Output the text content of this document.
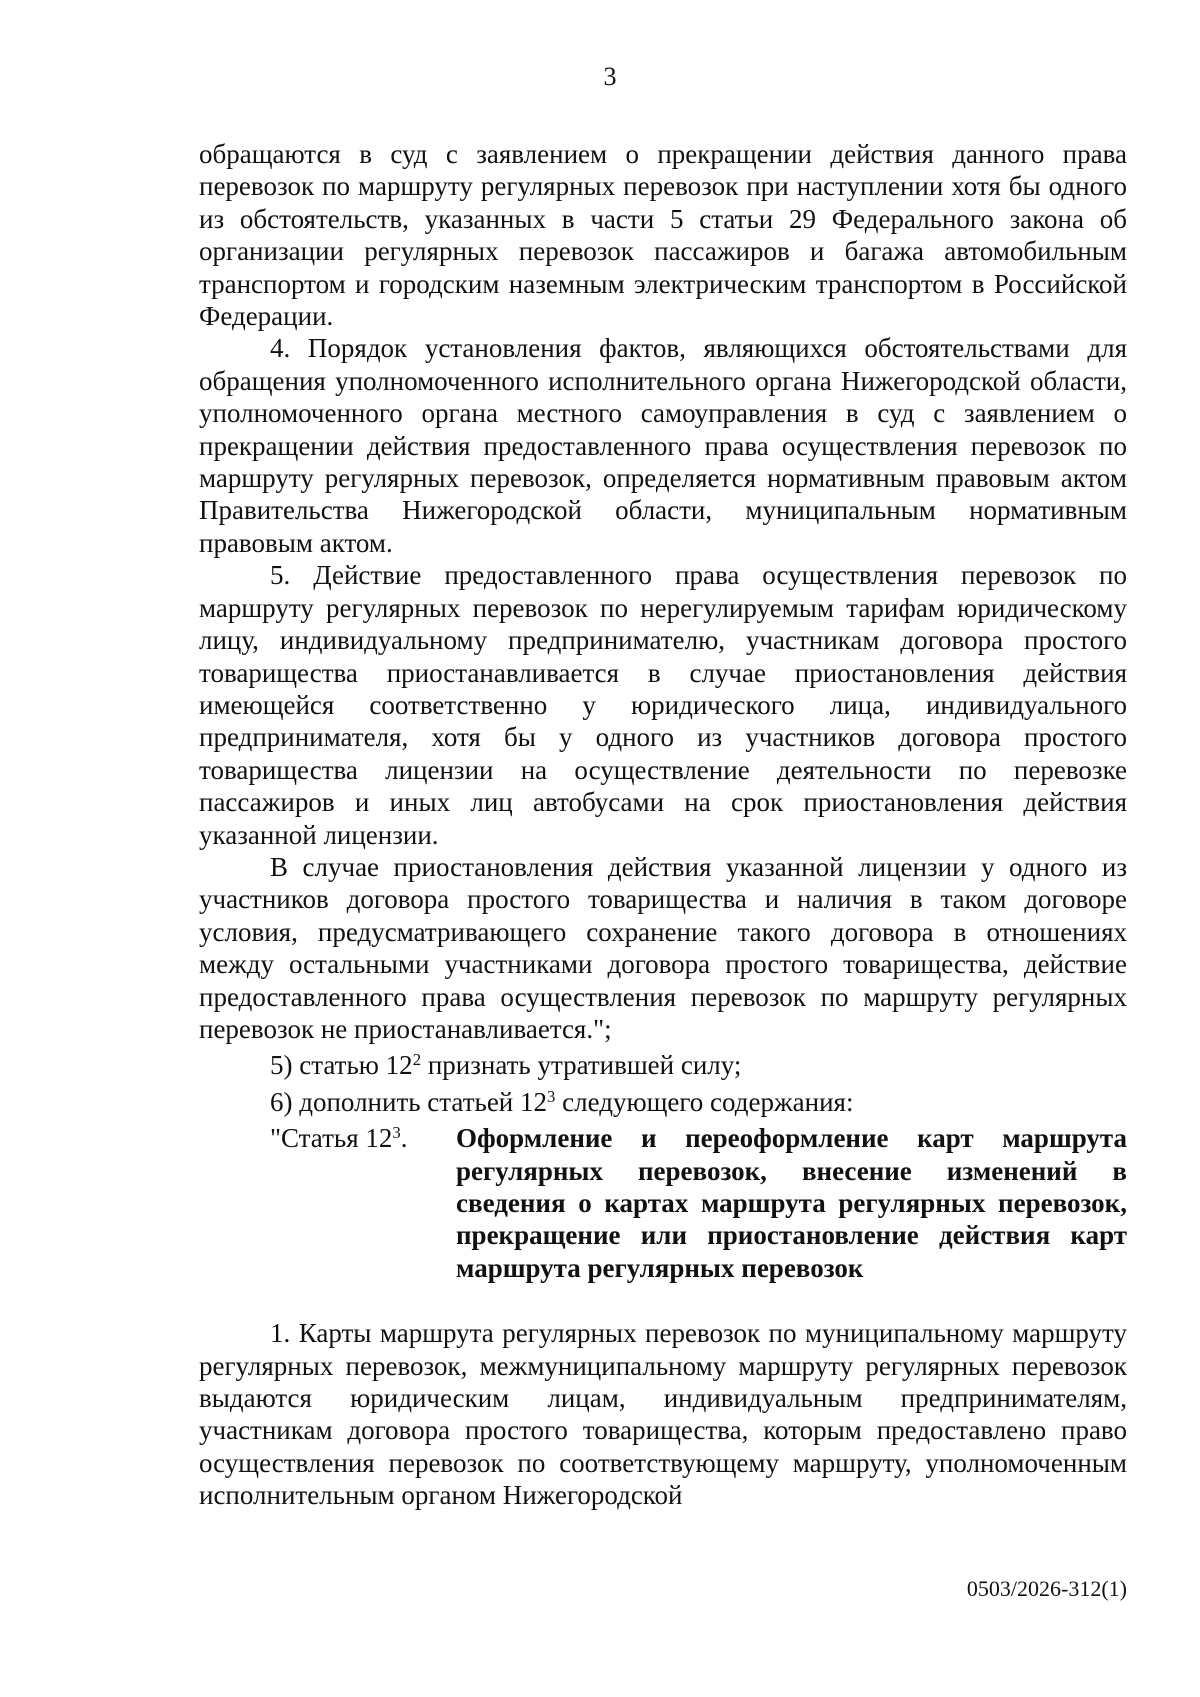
3

обращаются в суд с заявлением о прекращении действия данного права перевозок по маршруту регулярных перевозок при наступлении хотя бы одного из обстоятельств, указанных в части 5 статьи 29 Федерального закона об организации регулярных перевозок пассажиров и багажа автомобильным транспортом и городским наземным электрическим транспортом в Российской Федерации.

4. Порядок установления фактов, являющихся обстоятельствами для обращения уполномоченного исполнительного органа Нижегородской области, уполномоченного органа местного самоуправления в суд с заявлением о прекращении действия предоставленного права осуществления перевозок по маршруту регулярных перевозок, определяется нормативным правовым актом Правительства Нижегородской области, муниципальным нормативным правовым актом.

5. Действие предоставленного права осуществления перевозок по маршруту регулярных перевозок по нерегулируемым тарифам юридическому лицу, индивидуальному предпринимателю, участникам договора простого товарищества приостанавливается в случае приостановления действия имеющейся соответственно у юридического лица, индивидуального предпринимателя, хотя бы у одного из участников договора простого товарищества лицензии на осуществление деятельности по перевозке пассажиров и иных лиц автобусами на срок приостановления действия указанной лицензии.

В случае приостановления действия указанной лицензии у одного из участников договора простого товарищества и наличия в таком договоре условия, предусматривающего сохранение такого договора в отношениях между остальными участниками договора простого товарищества, действие предоставленного права осуществления перевозок по маршруту регулярных перевозок не приостанавливается.";

5) статью $12^2$ признать утратившей силу;

6) дополнить статьей $12^3$ следующего содержания:

"Статья $12^3$.	Оформление и переоформление карт маршрута регулярных перевозок, внесение изменений в сведения о картах маршрута регулярных перевозок, прекращение или приостановление действия карт маршрута регулярных перевозок

1. Карты маршрута регулярных перевозок по муниципальному маршруту регулярных перевозок, межмуниципальному маршруту регулярных перевозок выдаются юридическим лицам, индивидуальным предпринимателям, участникам договора простого товарищества, которым предоставлено право осуществления перевозок по соответствующему маршруту, уполномоченным исполнительным органом Нижегородской

0503/2026-312(1)
